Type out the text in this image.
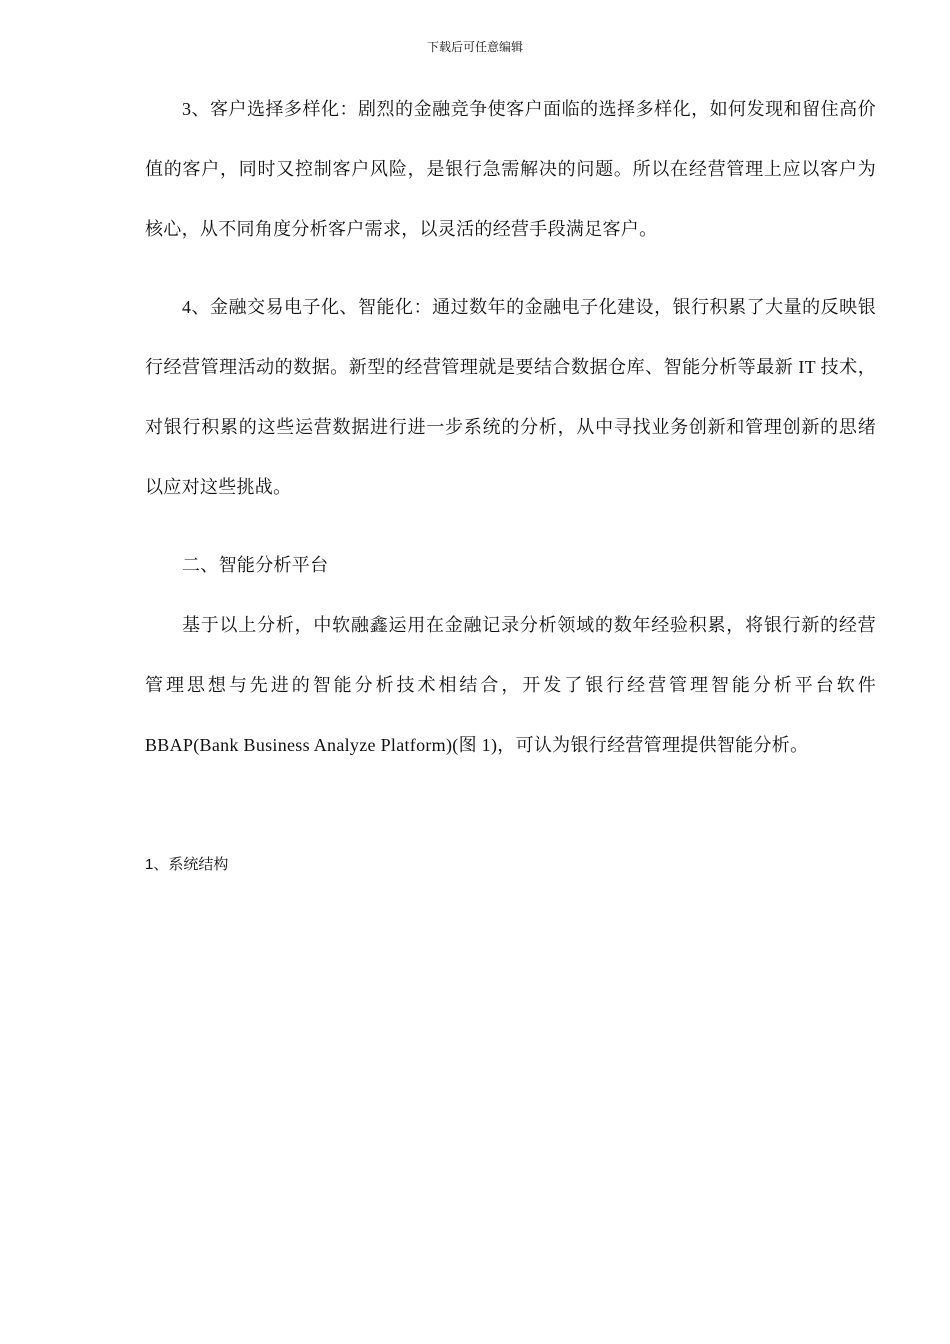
下载后可任意编辑

3、客户选择多样化：剧烈的金融竞争使客户面临的选择多样化，如何发现和留住高价值的客户，同时又控制客户风险，是银行急需解决的问题。所以在经营管理上应以客户为核心，从不同角度分析客户需求，以灵活的经营手段满足客户。

4、金融交易电子化、智能化：通过数年的金融电子化建设，银行积累了大量的反映银行经营管理活动的数据。新型的经营管理就是要结合数据仓库、智能分析等最新 IT 技术，对银行积累的这些运营数据进行进一步系统的分析，从中寻找业务创新和管理创新的思绪以应对这些挑战。

二、智能分析平台

基于以上分析，中软融鑫运用在金融记录分析领域的数年经验积累，将银行新的经营管理思想与先进的智能分析技术相结合，开发了银行经营管理智能分析平台软件 BBAP(Bank Business Analyze Platform)(图 1)，可认为银行经营管理提供智能分析。

1、系统结构
